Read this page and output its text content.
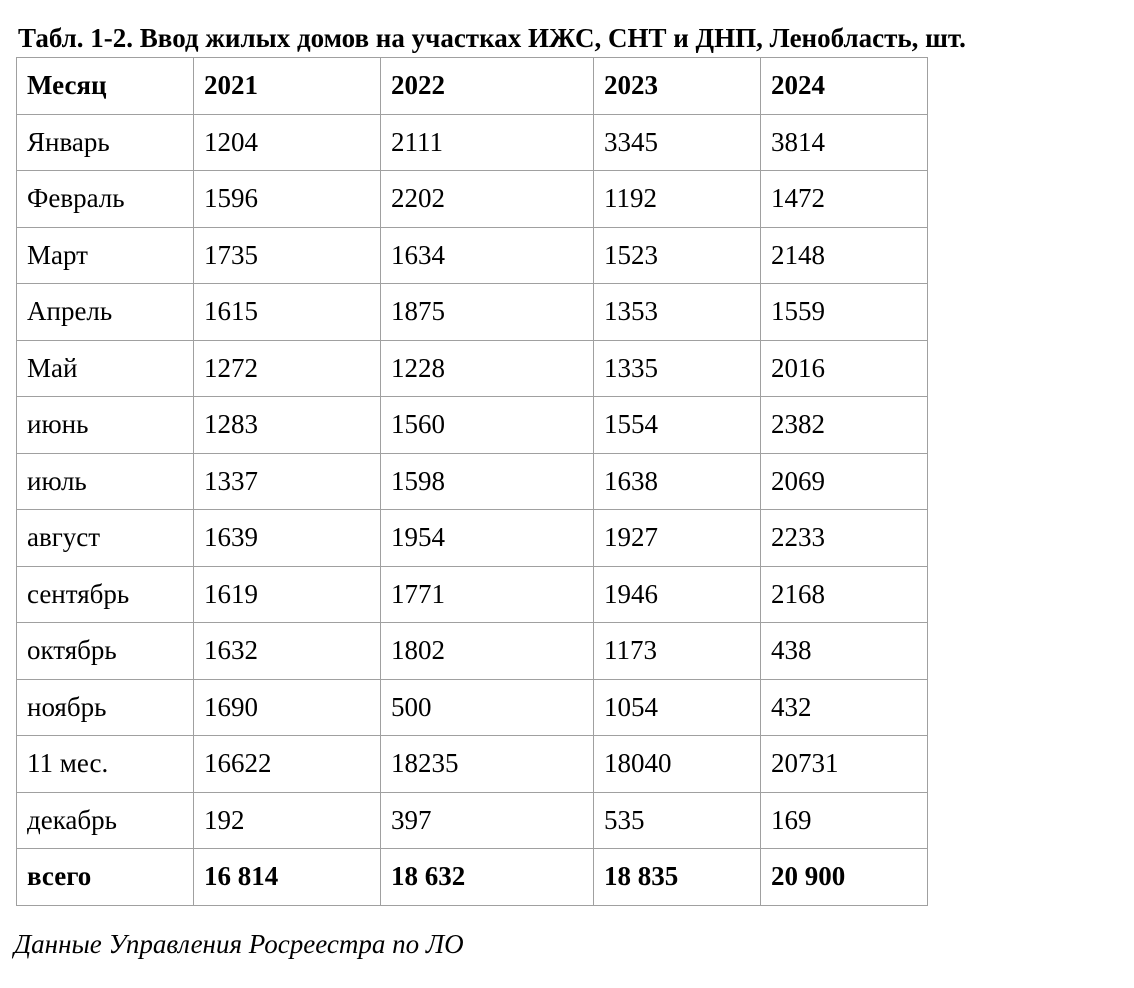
Табл. 1-2. Ввод жилых домов на участках ИЖС, СНТ и ДНП, Ленобласть, шт.
Месяц	2021	2022	2023	2024
Январь	1204	2111	3345	3814
Февраль	1596	2202	1192	1472
Март	1735	1634	1523	2148
Апрель	1615	1875	1353	1559
Май	1272	1228	1335	2016
июнь	1283	1560	1554	2382
июль	1337	1598	1638	2069
август	1639	1954	1927	2233
сентябрь	1619	1771	1946	2168
октябрь	1632	1802	1173	438
ноябрь	1690	500	1054	432
11 мес.	16622	18235	18040	20731
декабрь	192	397	535	169
всего	16 814	18 632	18 835	20 900
Данные Управления Росреестра по ЛО
